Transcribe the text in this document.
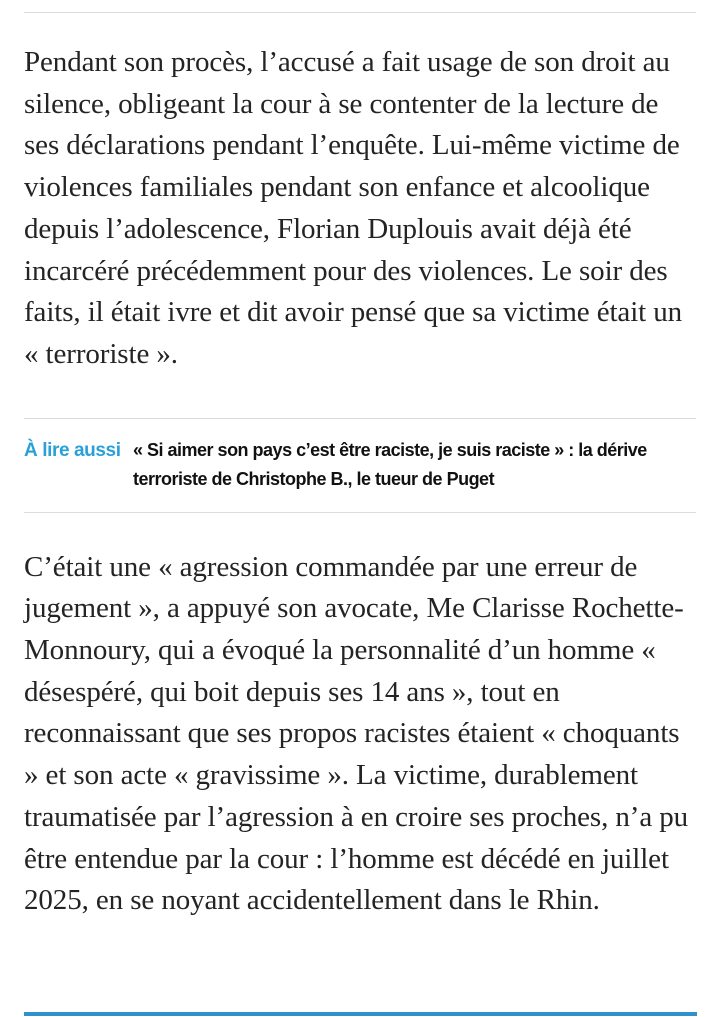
Pendant son procès, l’accusé a fait usage de son droit au silence, obligeant la cour à se contenter de la lecture de ses déclarations pendant l’enquête. Lui-même victime de violences familiales pendant son enfance et alcoolique depuis l’adolescence, Florian Duplouis avait déjà été incarcéré précédemment pour des violences. Le soir des faits, il était ivre et dit avoir pensé que sa victime était un « terroriste ».

À lire aussi « Si aimer son pays c’est être raciste, je suis raciste » : la dérive terroriste de Christophe B., le tueur de Puget

C’était une « agression commandée par une erreur de jugement », a appuyé son avocate, Me Clarisse Rochette-Monnoury, qui a évoqué la personnalité d’un homme « désespéré, qui boit depuis ses 14 ans », tout en reconnaissant que ses propos racistes étaient « choquants » et son acte « gravissime ». La victime, durablement traumatisée par l’agression à en croire ses proches, n’a pu être entendue par la cour : l’homme est décédé en juillet 2025, en se noyant accidentellement dans le Rhin.
